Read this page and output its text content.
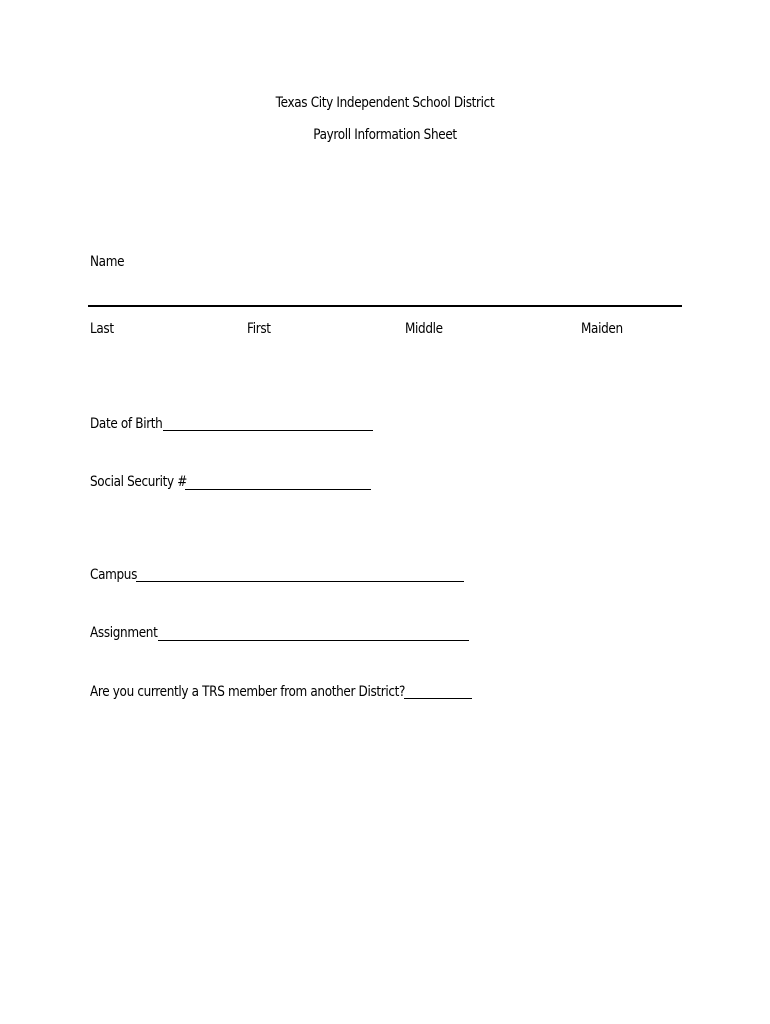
Texas City Independent School District
Payroll Information Sheet
Name
Last	First	Middle	Maiden
Date of Birth
Social Security #
Campus
Assignment
Are you currently a TRS member from another District?
